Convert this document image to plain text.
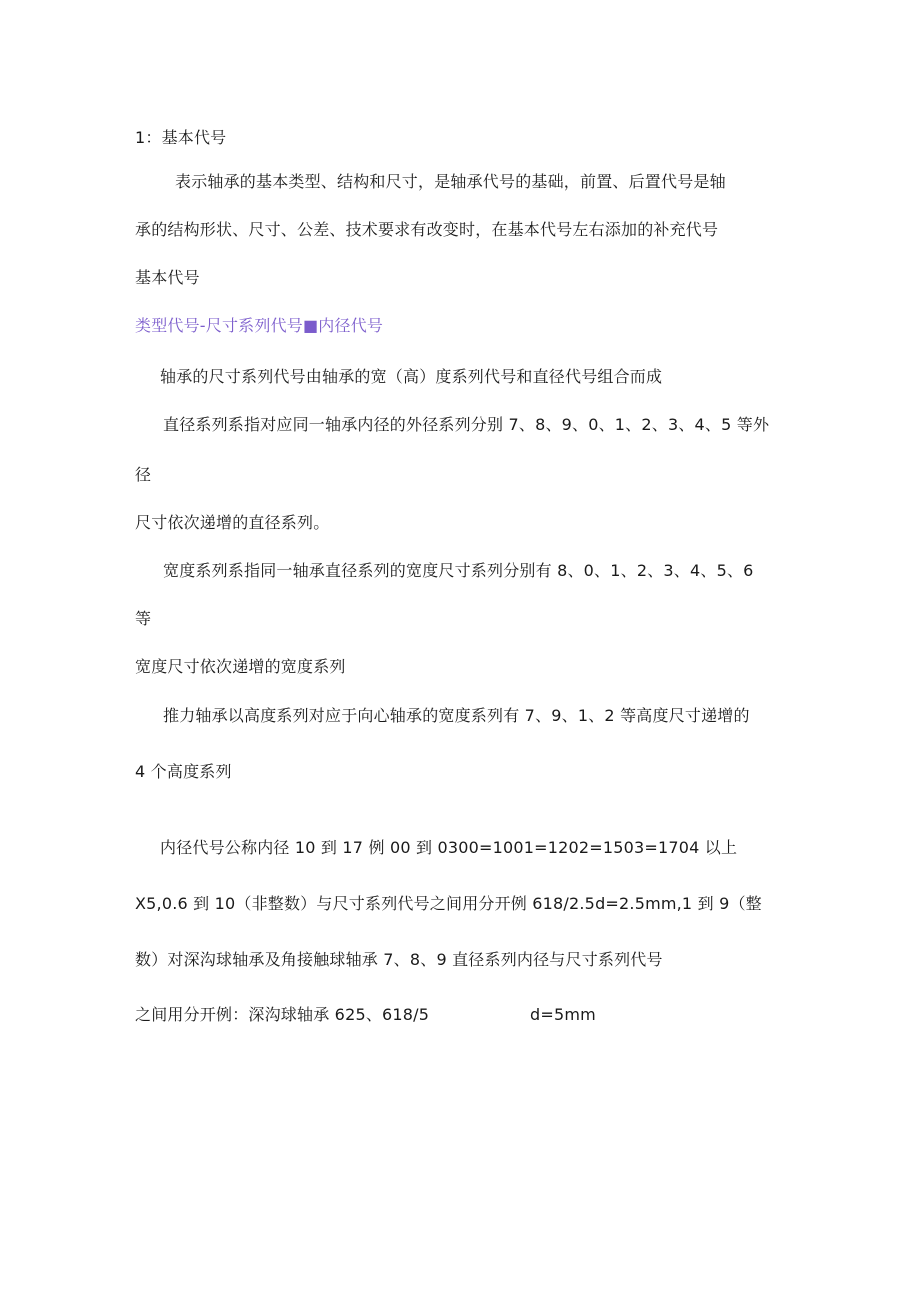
1：基本代号
表示轴承的基本类型、结构和尺寸，是轴承代号的基础，前置、后置代号是轴
承的结构形状、尺寸、公差、技术要求有改变时，在基本代号左右添加的补充代号
基本代号
类型代号-尺寸系列代号■内径代号
轴承的尺寸系列代号由轴承的宽（高）度系列代号和直径代号组合而成
直径系列系指对应同一轴承内径的外径系列分别 7、8、9、0、1、2、3、4、5 等外
径
尺寸依次递增的直径系列。
宽度系列系指同一轴承直径系列的宽度尺寸系列分别有 8、0、1、2、3、4、5、6
等
宽度尺寸依次递增的宽度系列
推力轴承以高度系列对应于向心轴承的宽度系列有 7、9、1、2 等高度尺寸递增的
4 个高度系列
内径代号公称内径 10 到 17 例 00 到 0300=1001=1202=1503=1704 以上
X5,0.6 到 10（非整数）与尺寸系列代号之间用分开例 618/2.5d=2.5mm,1 到 9（整
数）对深沟球轴承及角接触球轴承 7、8、9 直径系列内径与尺寸系列代号
之间用分开例：深沟球轴承 625、618/5	d=5mm
